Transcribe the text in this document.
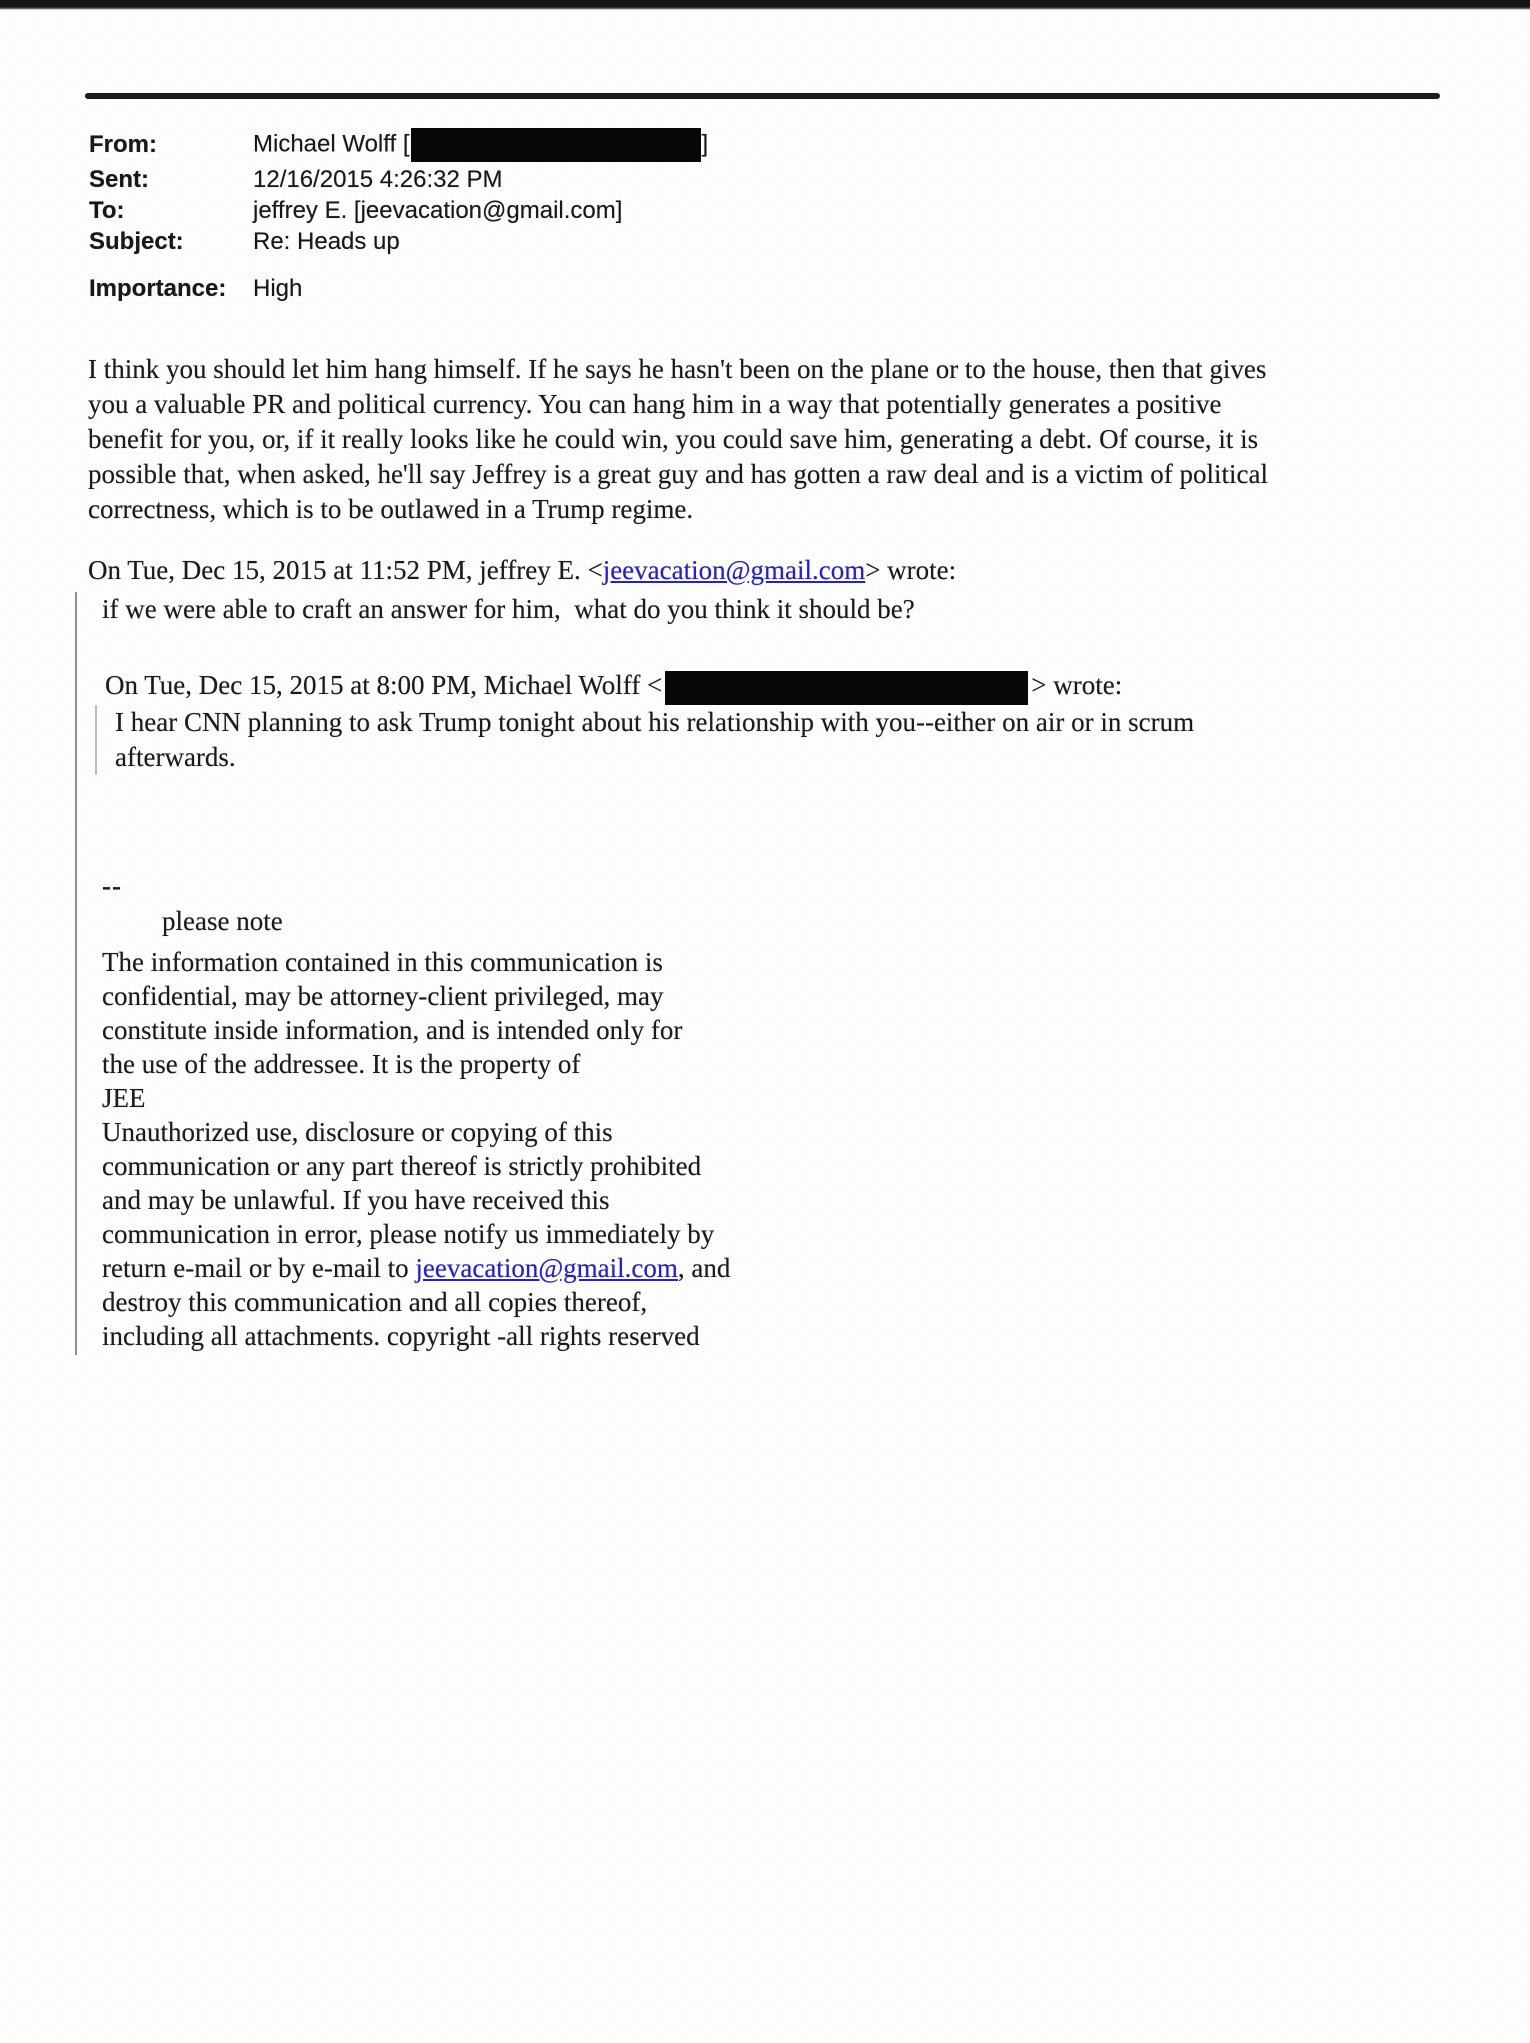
From:	Michael Wolff [	]
Sent:	12/16/2015 4:26:32 PM
To:	jeffrey E. [jeevacation@gmail.com]
Subject:	Re: Heads up
Importance:	High
I think you should let him hang himself. If he says he hasn't been on the plane or to the house, then that gives
you a valuable PR and political currency. You can hang him in a way that potentially generates a positive
benefit for you, or, if it really looks like he could win, you could save him, generating a debt. Of course, it is
possible that, when asked, he'll say Jeffrey is a great guy and has gotten a raw deal and is a victim of political
correctness, which is to be outlawed in a Trump regime.
On Tue, Dec 15, 2015 at 11:52 PM, jeffrey E. <jeevacation@gmail.com> wrote:
if we were able to craft an answer for him,  what do you think it should be?
On Tue, Dec 15, 2015 at 8:00 PM, Michael Wolff <	> wrote:
I hear CNN planning to ask Trump tonight about his relationship with you--either on air or in scrum
afterwards.
--
please note
The information contained in this communication is
confidential, may be attorney-client privileged, may
constitute inside information, and is intended only for
the use of the addressee. It is the property of
JEE
Unauthorized use, disclosure or copying of this
communication or any part thereof is strictly prohibited
and may be unlawful. If you have received this
communication in error, please notify us immediately by
return e-mail or by e-mail to jeevacation@gmail.com, and
destroy this communication and all copies thereof,
including all attachments. copyright -all rights reserved
